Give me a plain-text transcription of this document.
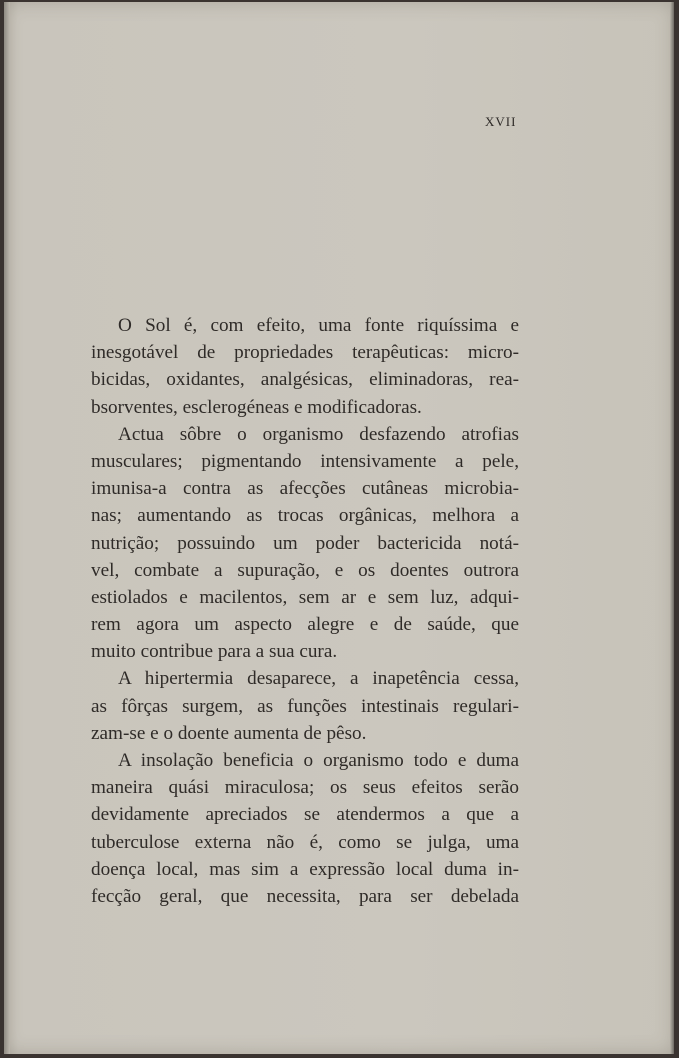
XVII
O Sol é, com efeito, uma fonte riquíssima e
inesgotável de propriedades terapêuticas: micro-
bicidas, oxidantes, analgésicas, eliminadoras, rea-
bsorventes, esclerogéneas e modificadoras.
Actua sôbre o organismo desfazendo atrofias
musculares; pigmentando intensivamente a pele,
imunisa-a contra as afecções cutâneas microbia-
nas; aumentando as trocas orgânicas, melhora a
nutrição; possuindo um poder bactericida notá-
vel, combate a supuração, e os doentes outrora
estiolados e macilentos, sem ar e sem luz, adqui-
rem agora um aspecto alegre e de saúde, que
muito contribue para a sua cura.
A hipertermia desaparece, a inapetência cessa,
as fôrças surgem, as funções intestinais regulari-
zam-se e o doente aumenta de pêso.
A insolação beneficia o organismo todo e duma
maneira quási miraculosa; os seus efeitos serão
devidamente apreciados se atendermos a que a
tuberculose externa não é, como se julga, uma
doença local, mas sim a expressão local duma in-
fecção geral, que necessita, para ser debelada
